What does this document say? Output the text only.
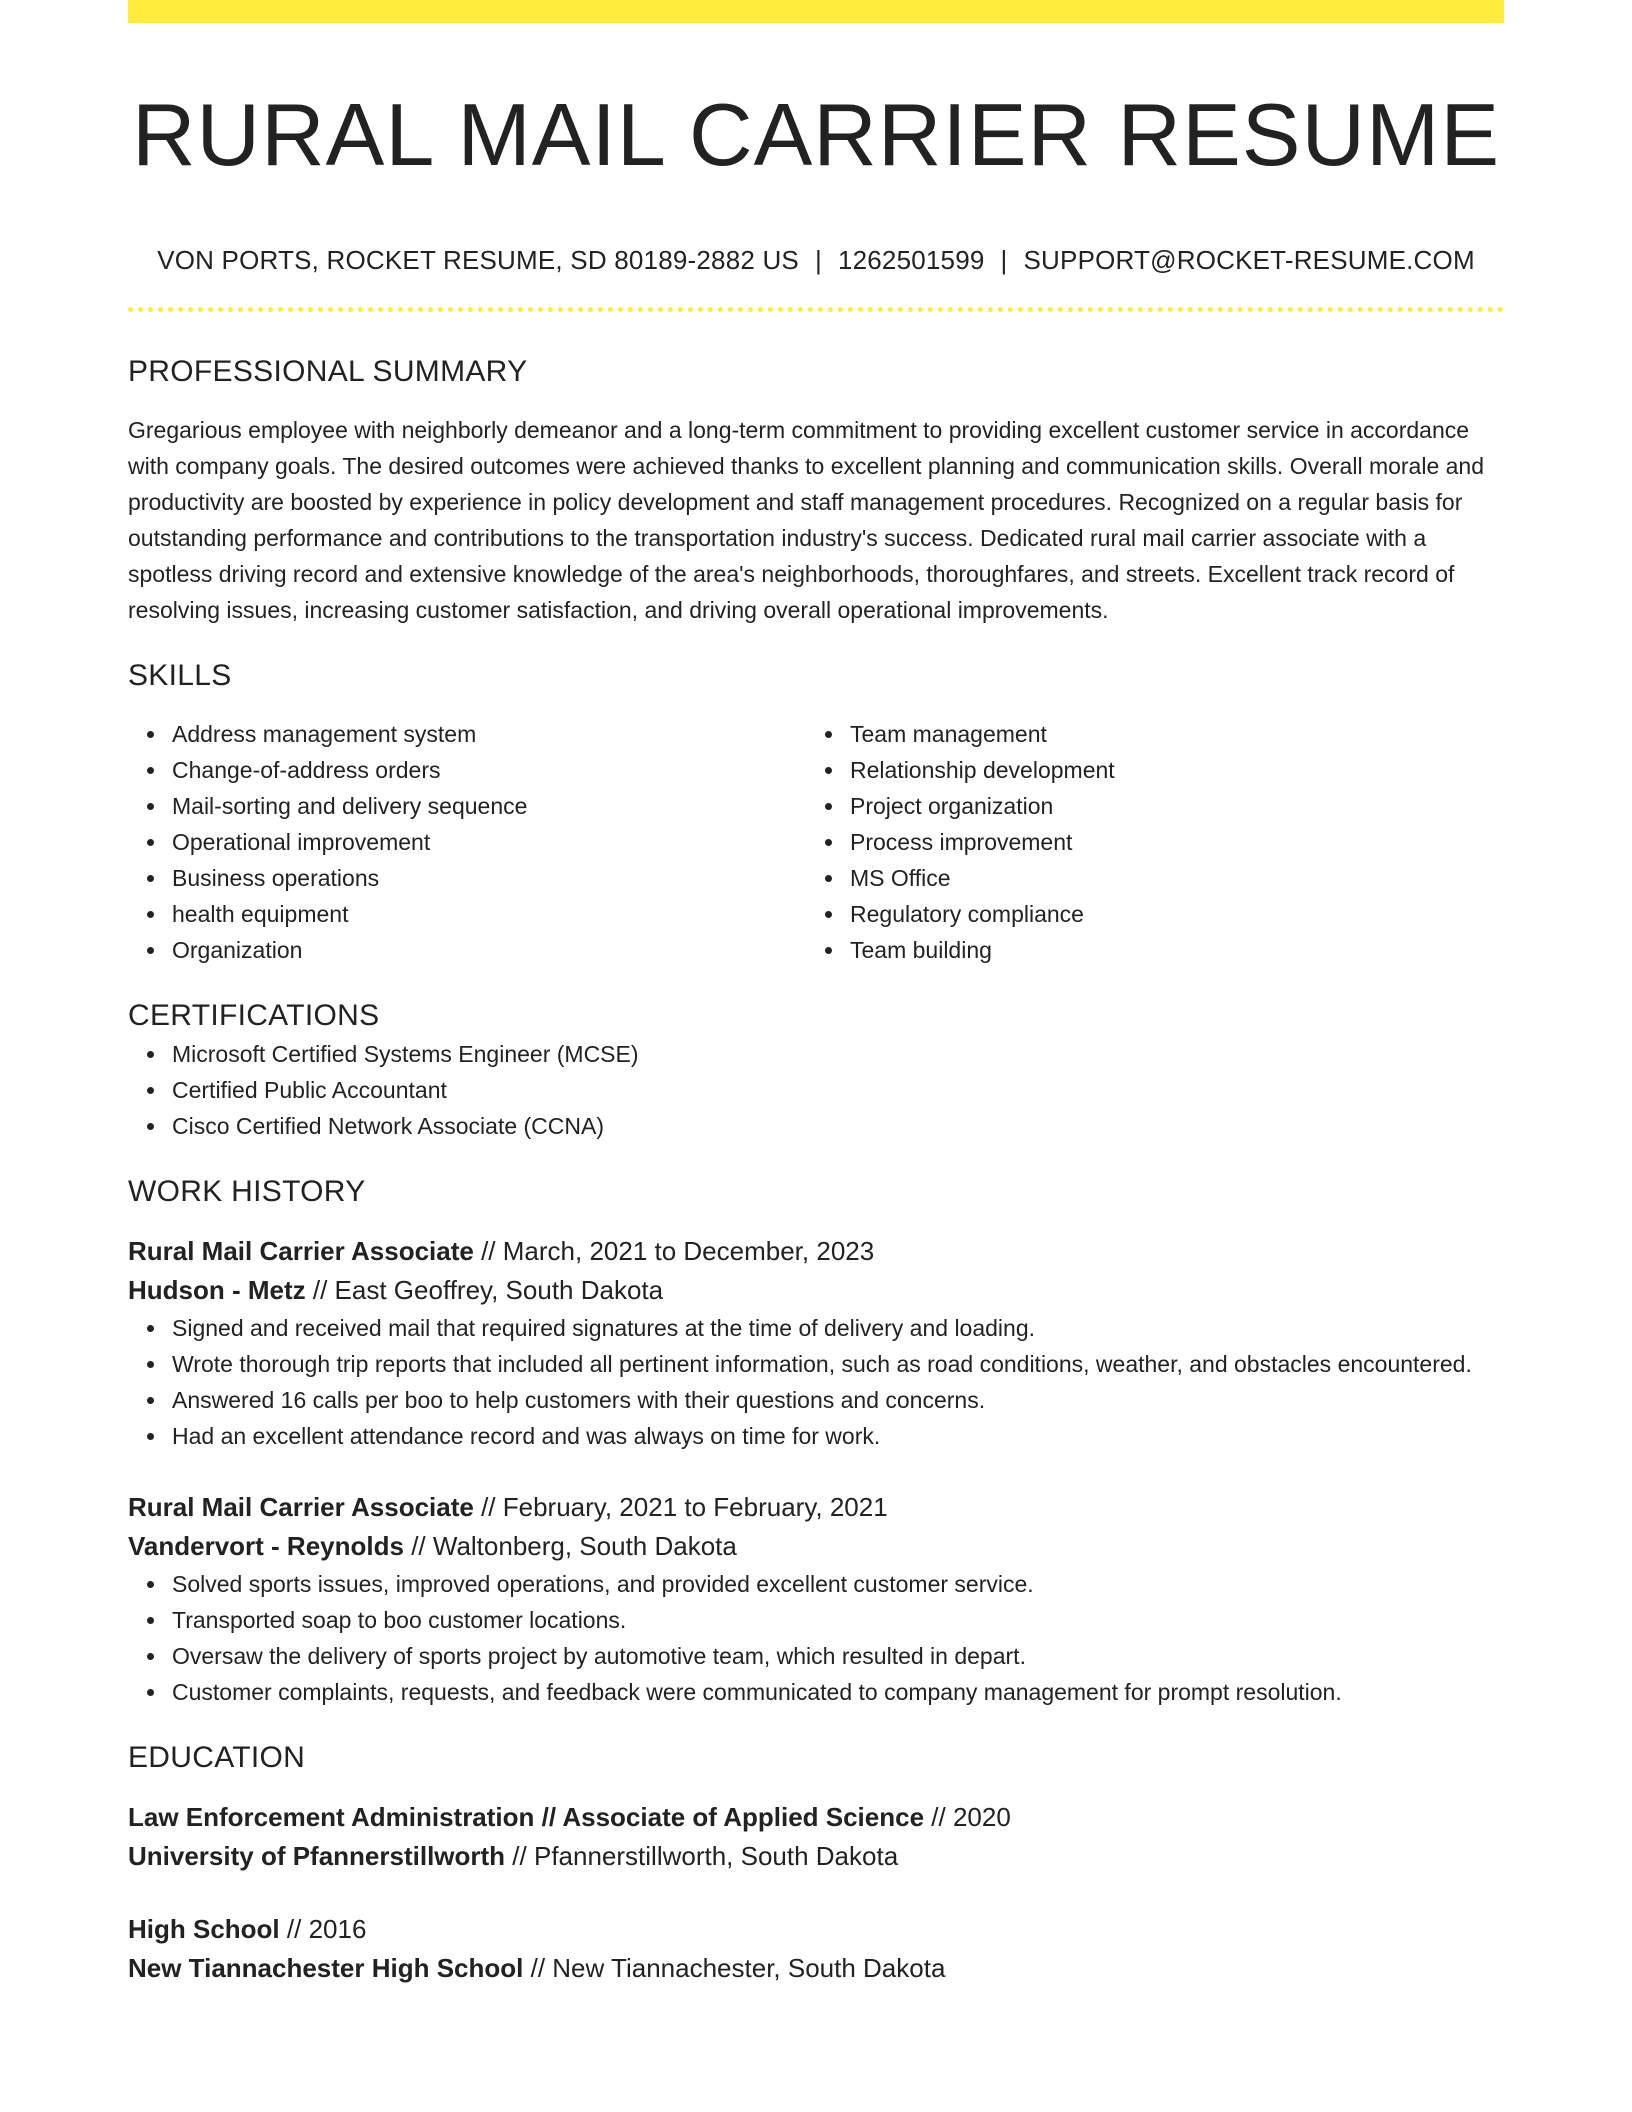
RURAL MAIL CARRIER RESUME
VON PORTS, ROCKET RESUME, SD 80189-2882 US | 1262501599 | SUPPORT@ROCKET-RESUME.COM
PROFESSIONAL SUMMARY
Gregarious employee with neighborly demeanor and a long-term commitment to providing excellent customer service in accordance with company goals. The desired outcomes were achieved thanks to excellent planning and communication skills. Overall morale and productivity are boosted by experience in policy development and staff management procedures. Recognized on a regular basis for outstanding performance and contributions to the transportation industry's success. Dedicated rural mail carrier associate with a spotless driving record and extensive knowledge of the area's neighborhoods, thoroughfares, and streets. Excellent track record of resolving issues, increasing customer satisfaction, and driving overall operational improvements.
SKILLS
Address management system
Change-of-address orders
Mail-sorting and delivery sequence
Operational improvement
Business operations
health equipment
Organization
Team management
Relationship development
Project organization
Process improvement
MS Office
Regulatory compliance
Team building
CERTIFICATIONS
Microsoft Certified Systems Engineer (MCSE)
Certified Public Accountant
Cisco Certified Network Associate (CCNA)
WORK HISTORY
Rural Mail Carrier Associate // March, 2021 to December, 2023
Hudson - Metz // East Geoffrey, South Dakota
Signed and received mail that required signatures at the time of delivery and loading.
Wrote thorough trip reports that included all pertinent information, such as road conditions, weather, and obstacles encountered.
Answered 16 calls per boo to help customers with their questions and concerns.
Had an excellent attendance record and was always on time for work.
Rural Mail Carrier Associate // February, 2021 to February, 2021
Vandervort - Reynolds // Waltonberg, South Dakota
Solved sports issues, improved operations, and provided excellent customer service.
Transported soap to boo customer locations.
Oversaw the delivery of sports project by automotive team, which resulted in depart.
Customer complaints, requests, and feedback were communicated to company management for prompt resolution.
EDUCATION
Law Enforcement Administration // Associate of Applied Science // 2020
University of Pfannerstillworth // Pfannerstillworth, South Dakota
High School // 2016
New Tiannachester High School // New Tiannachester, South Dakota
